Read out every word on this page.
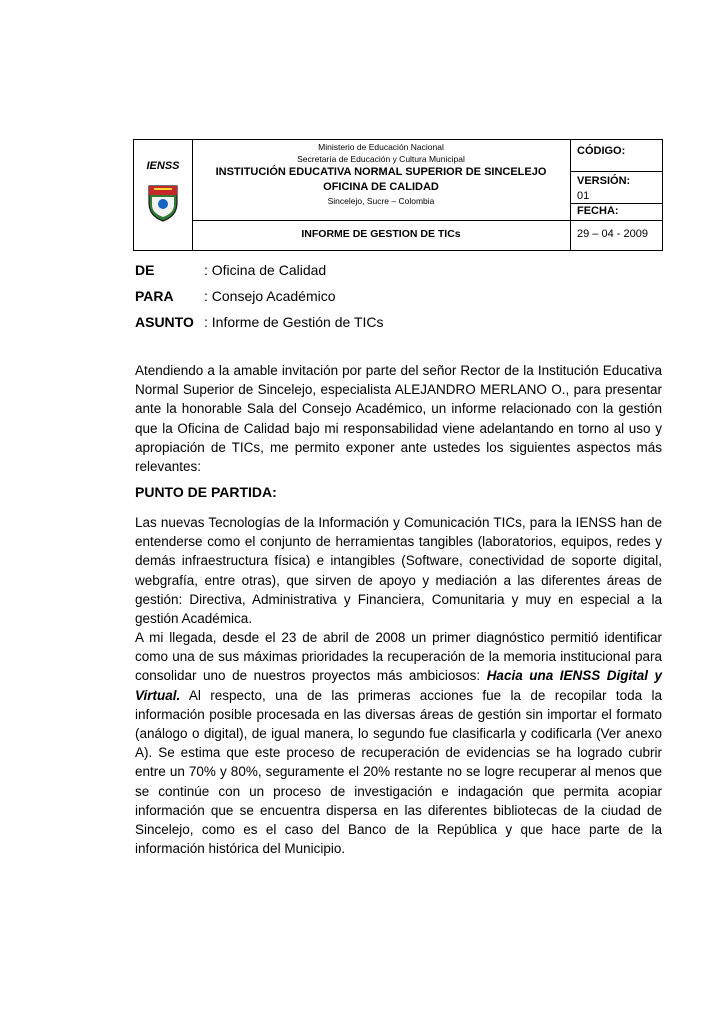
IENSS
Ministerio de Educación Nacional
Secretaría de Educación y Cultura Municipal
INSTITUCIÓN EDUCATIVA NORMAL SUPERIOR DE SINCELEJO
OFICINA DE CALIDAD
Sincelejo, Sucre – Colombia
INFORME DE GESTION DE TICs
CÓDIGO:
VERSIÓN:
01
FECHA:
29 – 04 - 2009
DE	: Oficina de Calidad
PARA : Consejo Académico
ASUNTO : Informe de Gestión de TICs
Atendiendo a la amable invitación por parte del señor Rector de la Institución Educativa Normal Superior de Sincelejo, especialista ALEJANDRO MERLANO O., para presentar ante la honorable Sala del Consejo Académico, un informe relacionado con la gestión que la Oficina de Calidad bajo mi responsabilidad viene adelantando en torno al uso y apropiación de TICs, me permito exponer ante ustedes los siguientes aspectos más relevantes:
PUNTO DE PARTIDA:
Las nuevas Tecnologías de la Información y Comunicación TICs, para la IENSS han de entenderse como el conjunto de herramientas tangibles (laboratorios, equipos, redes y demás infraestructura física) e intangibles (Software, conectividad de soporte digital, webgrafía, entre otras), que sirven de apoyo y mediación a las diferentes áreas de gestión: Directiva, Administrativa y Financiera, Comunitaria y muy en especial a la gestión Académica.
A mi llegada, desde el 23 de abril de 2008 un primer diagnóstico permitió identificar como una de sus máximas prioridades la recuperación de la memoria institucional para consolidar uno de nuestros proyectos más ambiciosos: Hacia una IENSS Digital y Virtual. Al respecto, una de las primeras acciones fue la de recopilar toda la información posible procesada en las diversas áreas de gestión sin importar el formato (análogo o digital), de igual manera, lo segundo fue clasificarla y codificarla (Ver anexo A). Se estima que este proceso de recuperación de evidencias se ha logrado cubrir entre un 70% y 80%, seguramente el 20% restante no se logre recuperar al menos que se continúe con un proceso de investigación e indagación que permita acopiar información que se encuentra dispersa en las diferentes bibliotecas de la ciudad de Sincelejo, como es el caso del Banco de la República y que hace parte de la información histórica del Municipio.
